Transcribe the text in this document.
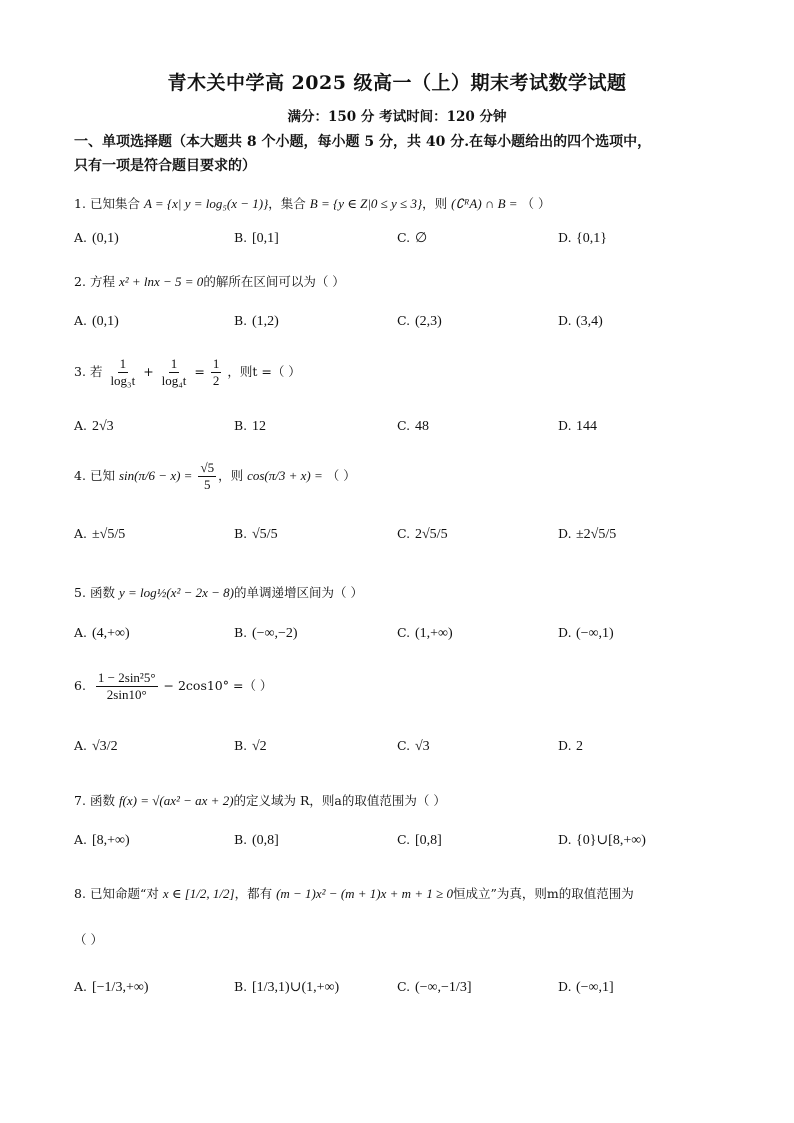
青木关中学高 2025 级高一（上）期末考试数学试题
满分：150 分 考试时间：120 分钟
一、单项选择题（本大题共 8 个小题，每小题 5 分，共 40 分.在每小题给出的四个选项中，
只有一项是符合题目要求的）
1. 已知集合 A = {x| y = log₅(x − 1)}，集合 B = {y ∈ Z|0 ≤ y ≤ 3}，则 (∁ᴿA) ∩ B = （ ）
A. (0,1)	B. [0,1]	C. ∅	D. {0,1}
2. 方程 x² + lnx − 5 = 0的解所在区间可以为（ ）
A. (0,1)	B. (1,2)	C. (2,3)	D. (3,4)
3. 若 $\frac{1}{\text{log₃t}} + \frac{1}{\text{log₄t}} = \frac{1}{2}$ ，则t =（ ）
A. 2√3	B. 12	C. 48	D. 144
4. 已知 $\sin(\pi/6 - x) = \frac{√5}{5}$ ，则 cos(π/3 + x) = （ ）
A. ±√5/5	B. √5/5	C. 2√5/5	D. ±2√5/5
5. 函数 y = log½(x² − 2x − 8)的单调递增区间为（ ）
A. (4,+∞)	B. (−∞,−2)	C. (1,+∞)	D. (−∞,1)
6. $\frac{\text{1 − 2sin²5°}}{2\sin 10^\circ} - 2\cos 10^\circ$ =（ ）
A. √3/2	B. √2	C. √3	D. 2
7. 函数 f(x) = √(ax² − ax + 2)的定义域为 R，则a的取值范围为（ ）
A. [8,+∞)	B. (0,8]	C. [0,8]	D. {0}∪[8,+∞)
8. 已知命题“对 x ∈ [1/2, 1/2]，都有 (m − 1)x² − (m + 1)x + m + 1 ≥ 0恒成立”为真，则m的取值范围为
（ ）
A. [−1/3,+∞)	B. [1/3,1)∪(1,+∞)	C. (−∞,−1/3]	D. (−∞,1]
